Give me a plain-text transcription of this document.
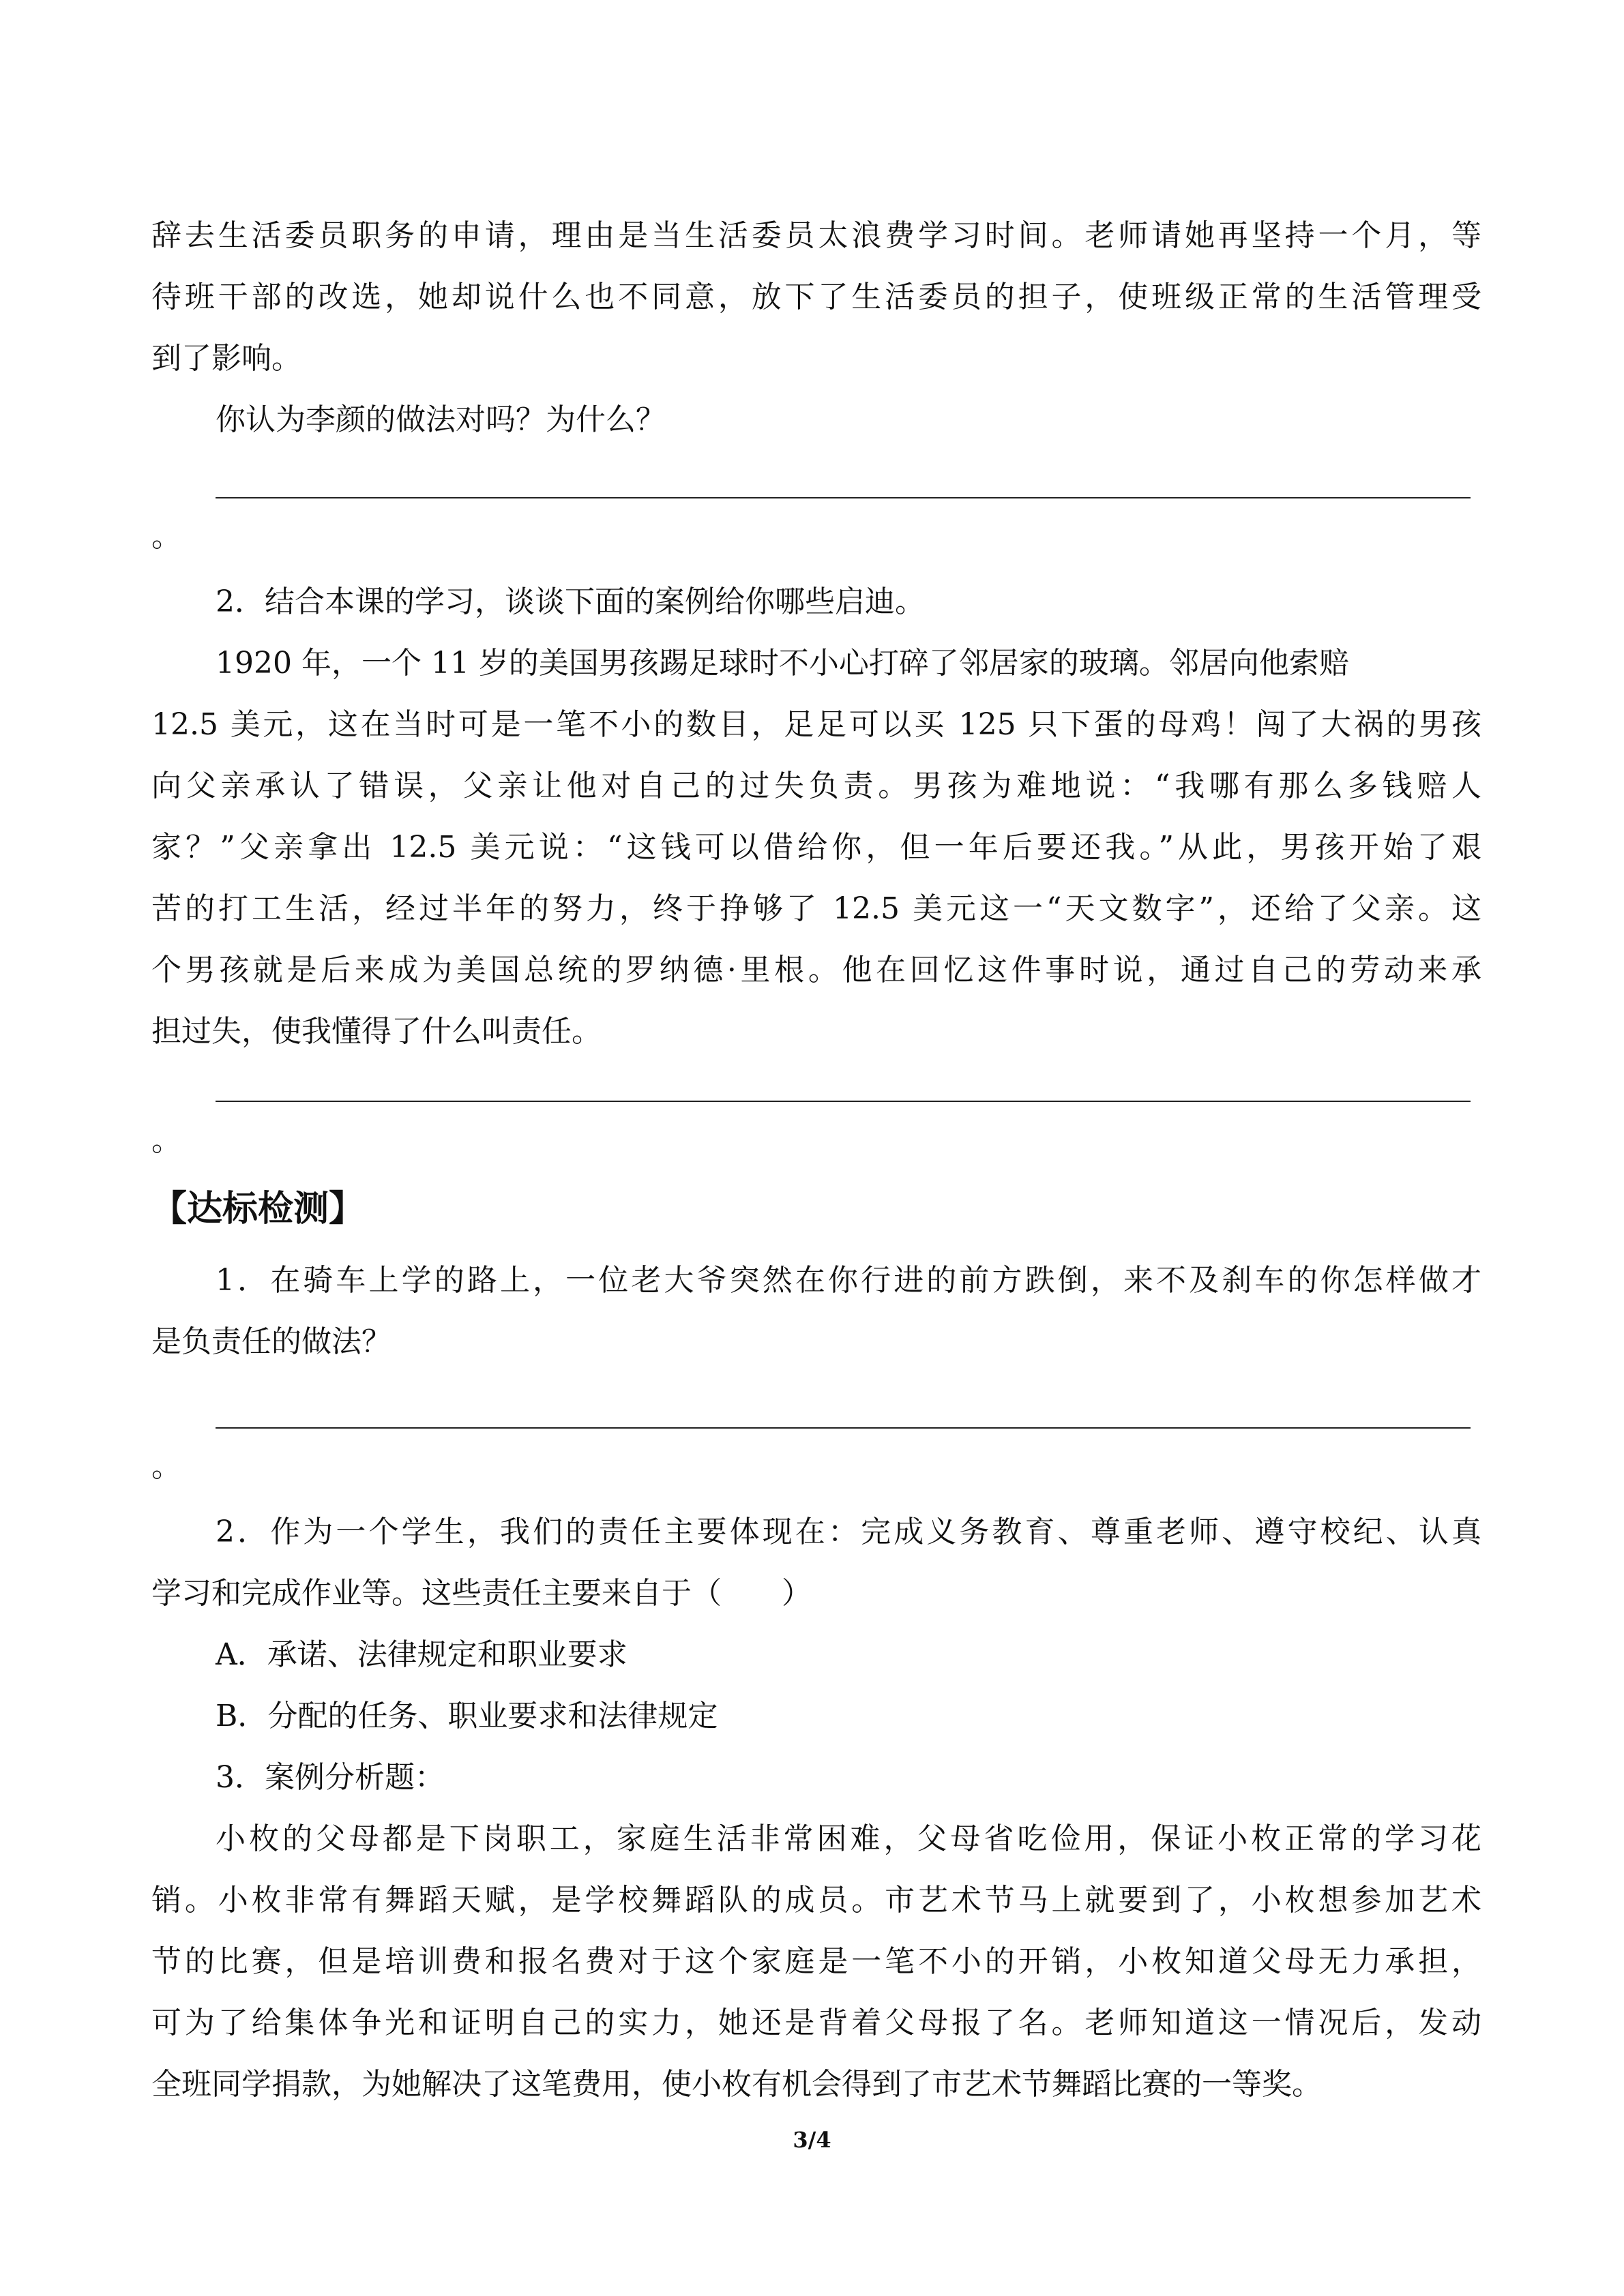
辞去生活委员职务的申请，理由是当生活委员太浪费学习时间。老师请她再坚持一个月，等
待班干部的改选，她却说什么也不同意，放下了生活委员的担子，使班级正常的生活管理受
到了影响。
你认为李颜的做法对吗？为什么？
。
2．结合本课的学习，谈谈下面的案例给你哪些启迪。
1920 年，一个 11 岁的美国男孩踢足球时不小心打碎了邻居家的玻璃。邻居向他索赔
12.5 美元，这在当时可是一笔不小的数目，足足可以买 125 只下蛋的母鸡！闯了大祸的男孩
向父亲承认了错误，父亲让他对自己的过失负责。男孩为难地说：“我哪有那么多钱赔人
家？”父亲拿出 12.5 美元说：“这钱可以借给你，但一年后要还我。”从此，男孩开始了艰
苦的打工生活，经过半年的努力，终于挣够了 12.5 美元这一“天文数字”，还给了父亲。这
个男孩就是后来成为美国总统的罗纳德·里根。他在回忆这件事时说，通过自己的劳动来承
担过失，使我懂得了什么叫责任。
。
【达标检测】
1．在骑车上学的路上，一位老大爷突然在你行进的前方跌倒，来不及刹车的你怎样做才
是负责任的做法？
。
2．作为一个学生，我们的责任主要体现在：完成义务教育、尊重老师、遵守校纪、认真
学习和完成作业等。这些责任主要来自于（　　）
A．承诺、法律规定和职业要求
B．分配的任务、职业要求和法律规定
3．案例分析题：
小枚的父母都是下岗职工，家庭生活非常困难，父母省吃俭用，保证小枚正常的学习花
销。小枚非常有舞蹈天赋，是学校舞蹈队的成员。市艺术节马上就要到了，小枚想参加艺术
节的比赛，但是培训费和报名费对于这个家庭是一笔不小的开销，小枚知道父母无力承担，
可为了给集体争光和证明自己的实力，她还是背着父母报了名。老师知道这一情况后，发动
全班同学捐款，为她解决了这笔费用，使小枚有机会得到了市艺术节舞蹈比赛的一等奖。
3/4
